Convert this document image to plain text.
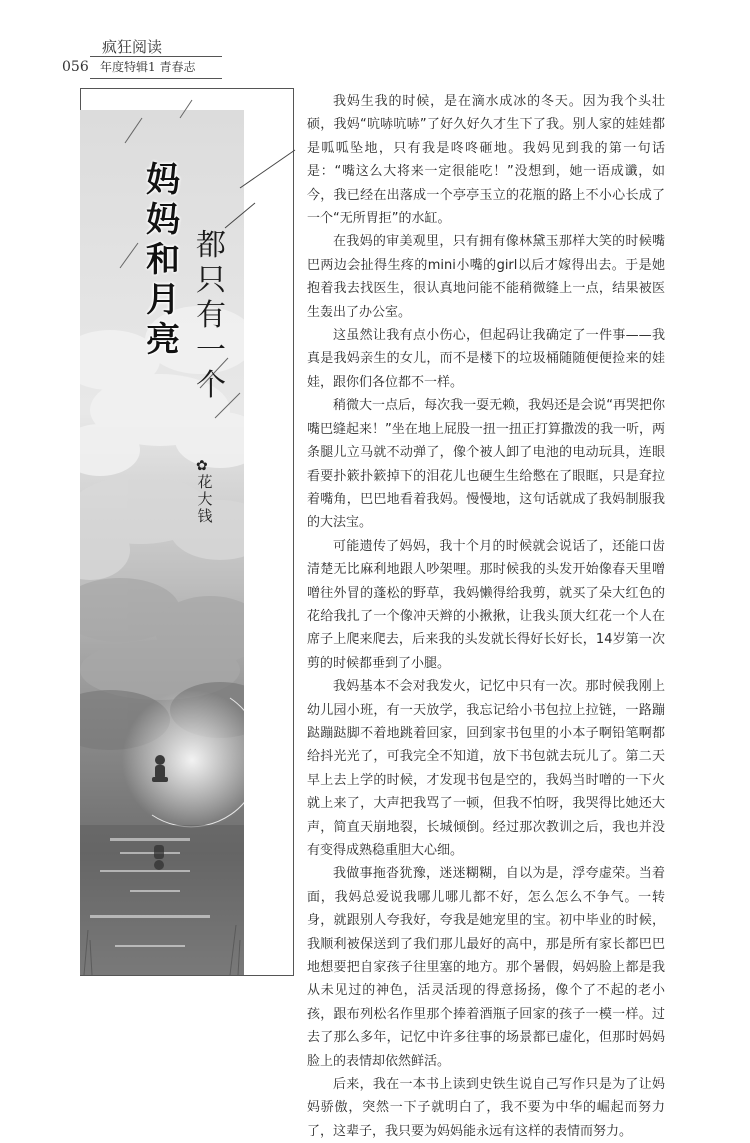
056
疯狂阅读
年度特辑1 青春志
妈妈和月亮
都只有一个
✿
花大钱

我妈生我的时候，是在滴水成冰的冬天。因为我个头壮硕，我妈“吭哧吭哧”了好久好久才生下了我。别人家的娃娃都是呱呱坠地，只有我是咚咚砸地。我妈见到我的第一句话是：“嘴这么大将来一定很能吃！”没想到，她一语成谶，如今，我已经在出落成一个亭亭玉立的花瓶的路上不小心长成了一个“无所胃拒”的水缸。

在我妈的审美观里，只有拥有像林黛玉那样大笑的时候嘴巴两边会扯得生疼的mini小嘴的girl以后才嫁得出去。于是她抱着我去找医生，很认真地问能不能稍微缝上一点，结果被医生轰出了办公室。

这虽然让我有点小伤心，但起码让我确定了一件事——我真是我妈亲生的女儿，而不是楼下的垃圾桶随随便便捡来的娃娃，跟你们各位都不一样。

稍微大一点后，每次我一耍无赖，我妈还是会说“再哭把你嘴巴缝起来！”坐在地上屁股一扭一扭正打算撒泼的我一听，两条腿儿立马就不动弹了，像个被人卸了电池的电动玩具，连眼看要扑簌扑簌掉下的泪花儿也硬生生给憋在了眼眶，只是耷拉着嘴角，巴巴地看着我妈。慢慢地，这句话就成了我妈制服我的大法宝。

可能遗传了妈妈，我十个月的时候就会说话了，还能口齿清楚无比麻利地跟人吵架哩。那时候我的头发开始像春天里噌噌往外冒的蓬松的野草，我妈懒得给我剪，就买了朵大红色的花给我扎了一个像冲天辫的小揪揪，让我头顶大红花一个人在席子上爬来爬去，后来我的头发就长得好长好长，14岁第一次剪的时候都垂到了小腿。

我妈基本不会对我发火，记忆中只有一次。那时候我刚上幼儿园小班，有一天放学，我忘记给小书包拉上拉链，一路蹦跶蹦跶脚不着地跳着回家，回到家书包里的小本子啊铅笔啊都给抖光光了，可我完全不知道，放下书包就去玩儿了。第二天早上去上学的时候，才发现书包是空的，我妈当时噌的一下火就上来了，大声把我骂了一顿，但我不怕呀，我哭得比她还大声，简直天崩地裂，长城倾倒。经过那次教训之后，我也并没有变得成熟稳重胆大心细。

我做事拖沓犹豫，迷迷糊糊，自以为是，浮夸虚荣。当着面，我妈总爱说我哪儿哪儿都不好，怎么怎么不争气。一转身，就跟别人夸我好，夸我是她宠里的宝。初中毕业的时候，我顺利被保送到了我们那儿最好的高中，那是所有家长都巴巴地想要把自家孩子往里塞的地方。那个暑假，妈妈脸上都是我从未见过的神色，活灵活现的得意扬扬，像个了不起的老小孩，跟布列松名作里那个捧着酒瓶子回家的孩子一模一样。过去了那么多年，记忆中许多往事的场景都已虚化，但那时妈妈脸上的表情却依然鲜活。

后来，我在一本书上读到史铁生说自己写作只是为了让妈妈骄傲，突然一下子就明白了，我不要为中华的崛起而努力了，这辈子，我只要为妈妈能永远有这样的表情而努力。
